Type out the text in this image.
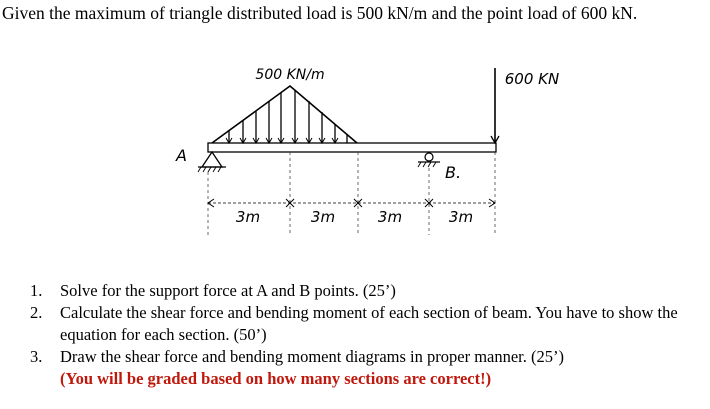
Given the maximum of triangle distributed load is 500 kN/m and the point load of 600 kN.
500 KN/m	600 KN
A
B.
3m	3m	3m	3m
1.	Solve for the support force at A and B points. (25’)
2.	Calculate the shear force and bending moment of each section of beam. You have to show the equation for each section. (50’)
3.	Draw the shear force and bending moment diagrams in proper manner. (25’)
(You will be graded based on how many sections are correct!)
